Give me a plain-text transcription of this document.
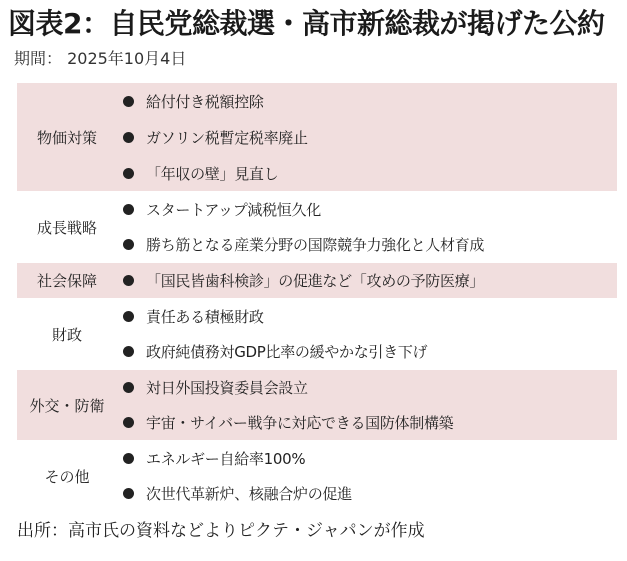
図表2：自民党総裁選・高市新総裁が掲げた公約
期間： 2025年10月4日
物価対策
給付付き税額控除
ガソリン税暫定税率廃止
「年収の壁」見直し
成長戦略
スタートアップ減税恒久化
勝ち筋となる産業分野の国際競争力強化と人材育成
社会保障	「国民皆歯科検診」の促進など「攻めの予防医療」
財政
責任ある積極財政
政府純債務対GDP比率の緩やかな引き下げ
外交・防衛
対日外国投資委員会設立
宇宙・サイバー戦争に対応できる国防体制構築
その他
エネルギー自給率100%
次世代革新炉、核融合炉の促進
出所：高市氏の資料などよりピクテ・ジャパンが作成
